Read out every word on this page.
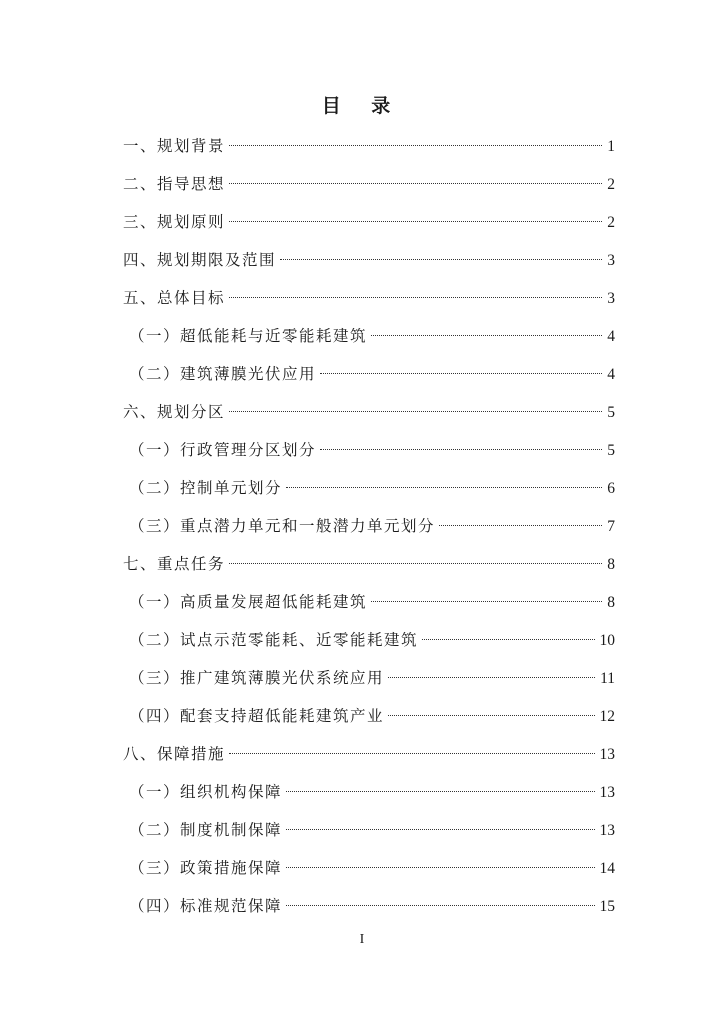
目 录
一、规划背景	1
二、指导思想	2
三、规划原则	2
四、规划期限及范围	3
五、总体目标	3
（一）超低能耗与近零能耗建筑	4
（二）建筑薄膜光伏应用	4
六、规划分区	5
（一）行政管理分区划分	5
（二）控制单元划分	6
（三）重点潜力单元和一般潜力单元划分	7
七、重点任务	8
（一）高质量发展超低能耗建筑	8
（二）试点示范零能耗、近零能耗建筑	10
（三）推广建筑薄膜光伏系统应用	11
（四）配套支持超低能耗建筑产业	12
八、保障措施	13
（一）组织机构保障	13
（二）制度机制保障	13
（三）政策措施保障	14
（四）标准规范保障	15
I
